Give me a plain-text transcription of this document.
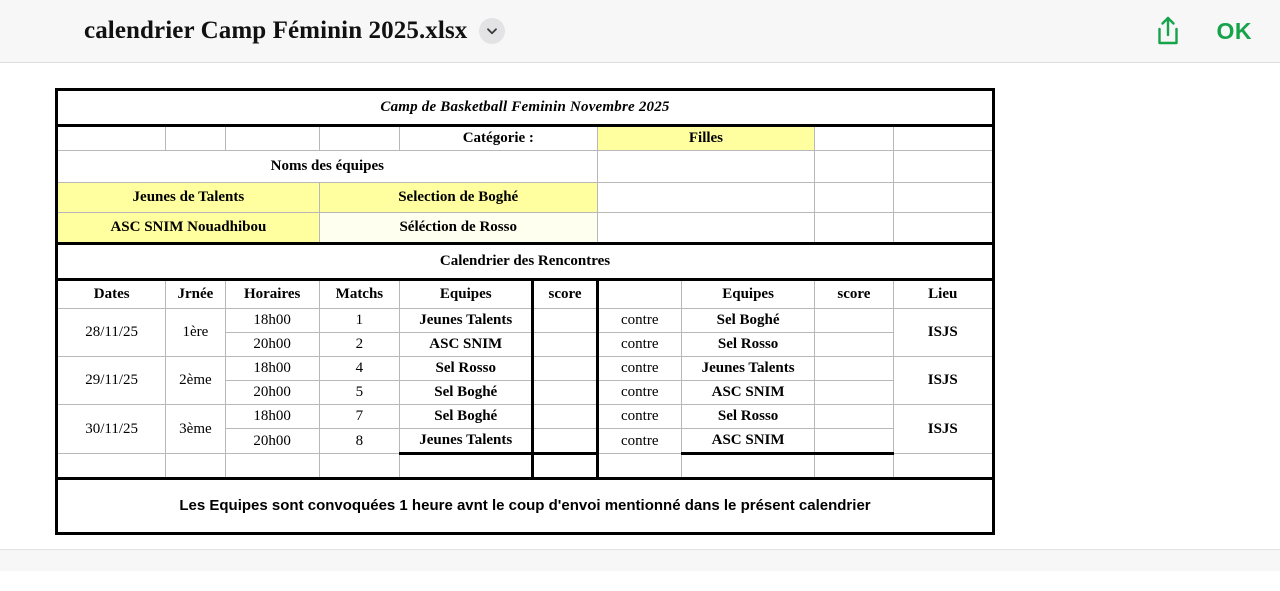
calendrier Camp Féminin 2025.xlsx	OK
Camp de Basketball Feminin Novembre 2025									
				Catégorie :		Filles			
Noms des équipes									
Jeunes de Talents			Selection de Boghé						
ASC SNIM Nouadhibou			Séléction de Rosso						
Calendrier des Rencontres									
Dates	Jrnée	Horaires	Matchs	Equipes	score		Equipes	score	Lieu
28/11/25	1ère	18h00	1	Jeunes Talents		contre	Sel Boghé		ISJS
		20h00	2	ASC SNIM		contre	Sel Rosso		
29/11/25	2ème	18h00	4	Sel Rosso		contre	Jeunes Talents		ISJS
		20h00	5	Sel Boghé		contre	ASC SNIM		
30/11/25	3ème	18h00	7	Sel Boghé		contre	Sel Rosso		ISJS
		20h00	8	Jeunes Talents		contre	ASC SNIM		

Les Equipes sont convoquées 1 heure avnt le coup d'envoi mentionné dans le présent calendrier									
